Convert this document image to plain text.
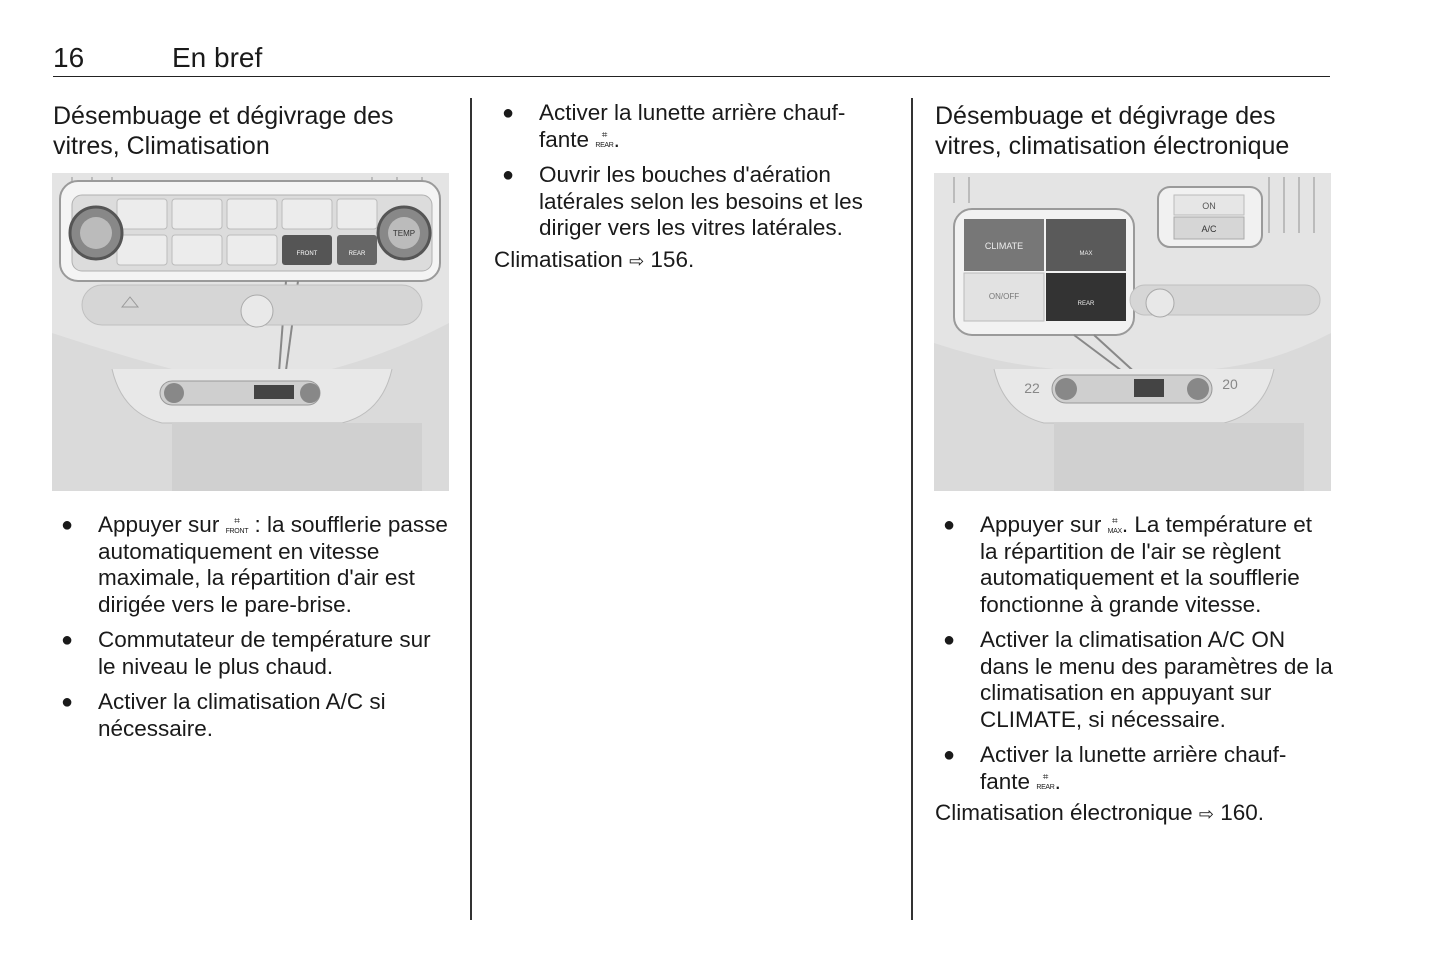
16	En bref
Désembuage et dégivrage des
vitres, Climatisation
FRONT	REAR
TEMP
● Appuyer sur ⌗
FRONT : la soufflerie passe automatiquement en vitesse maximale, la répartition d'air est dirigée vers le pare-brise.
● Commutateur de température sur le niveau le plus chaud.
● Activer la climatisation A/C si nécessaire.
● Activer la lunette arrière chauf-fante ⌗
REAR.
● Ouvrir les bouches d'aération latérales selon les besoins et les diriger vers les vitres latérales.
Climatisation ⇨ 156.
Désembuage et dégivrage des
vitres, climatisation électronique
ON
A/C
CLIMATE
MAX
ON/OFF
REAR
22	20
● Appuyer sur ⌗
MAX. La température et la répartition de l'air se règlent automatiquement et la soufflerie fonctionne à grande vitesse.
● Activer la climatisation A/C ON dans le menu des paramètres de la climatisation en appuyant sur CLIMATE, si nécessaire.
● Activer la lunette arrière chauf-fante ⌗
REAR.
Climatisation électronique ⇨ 160.
